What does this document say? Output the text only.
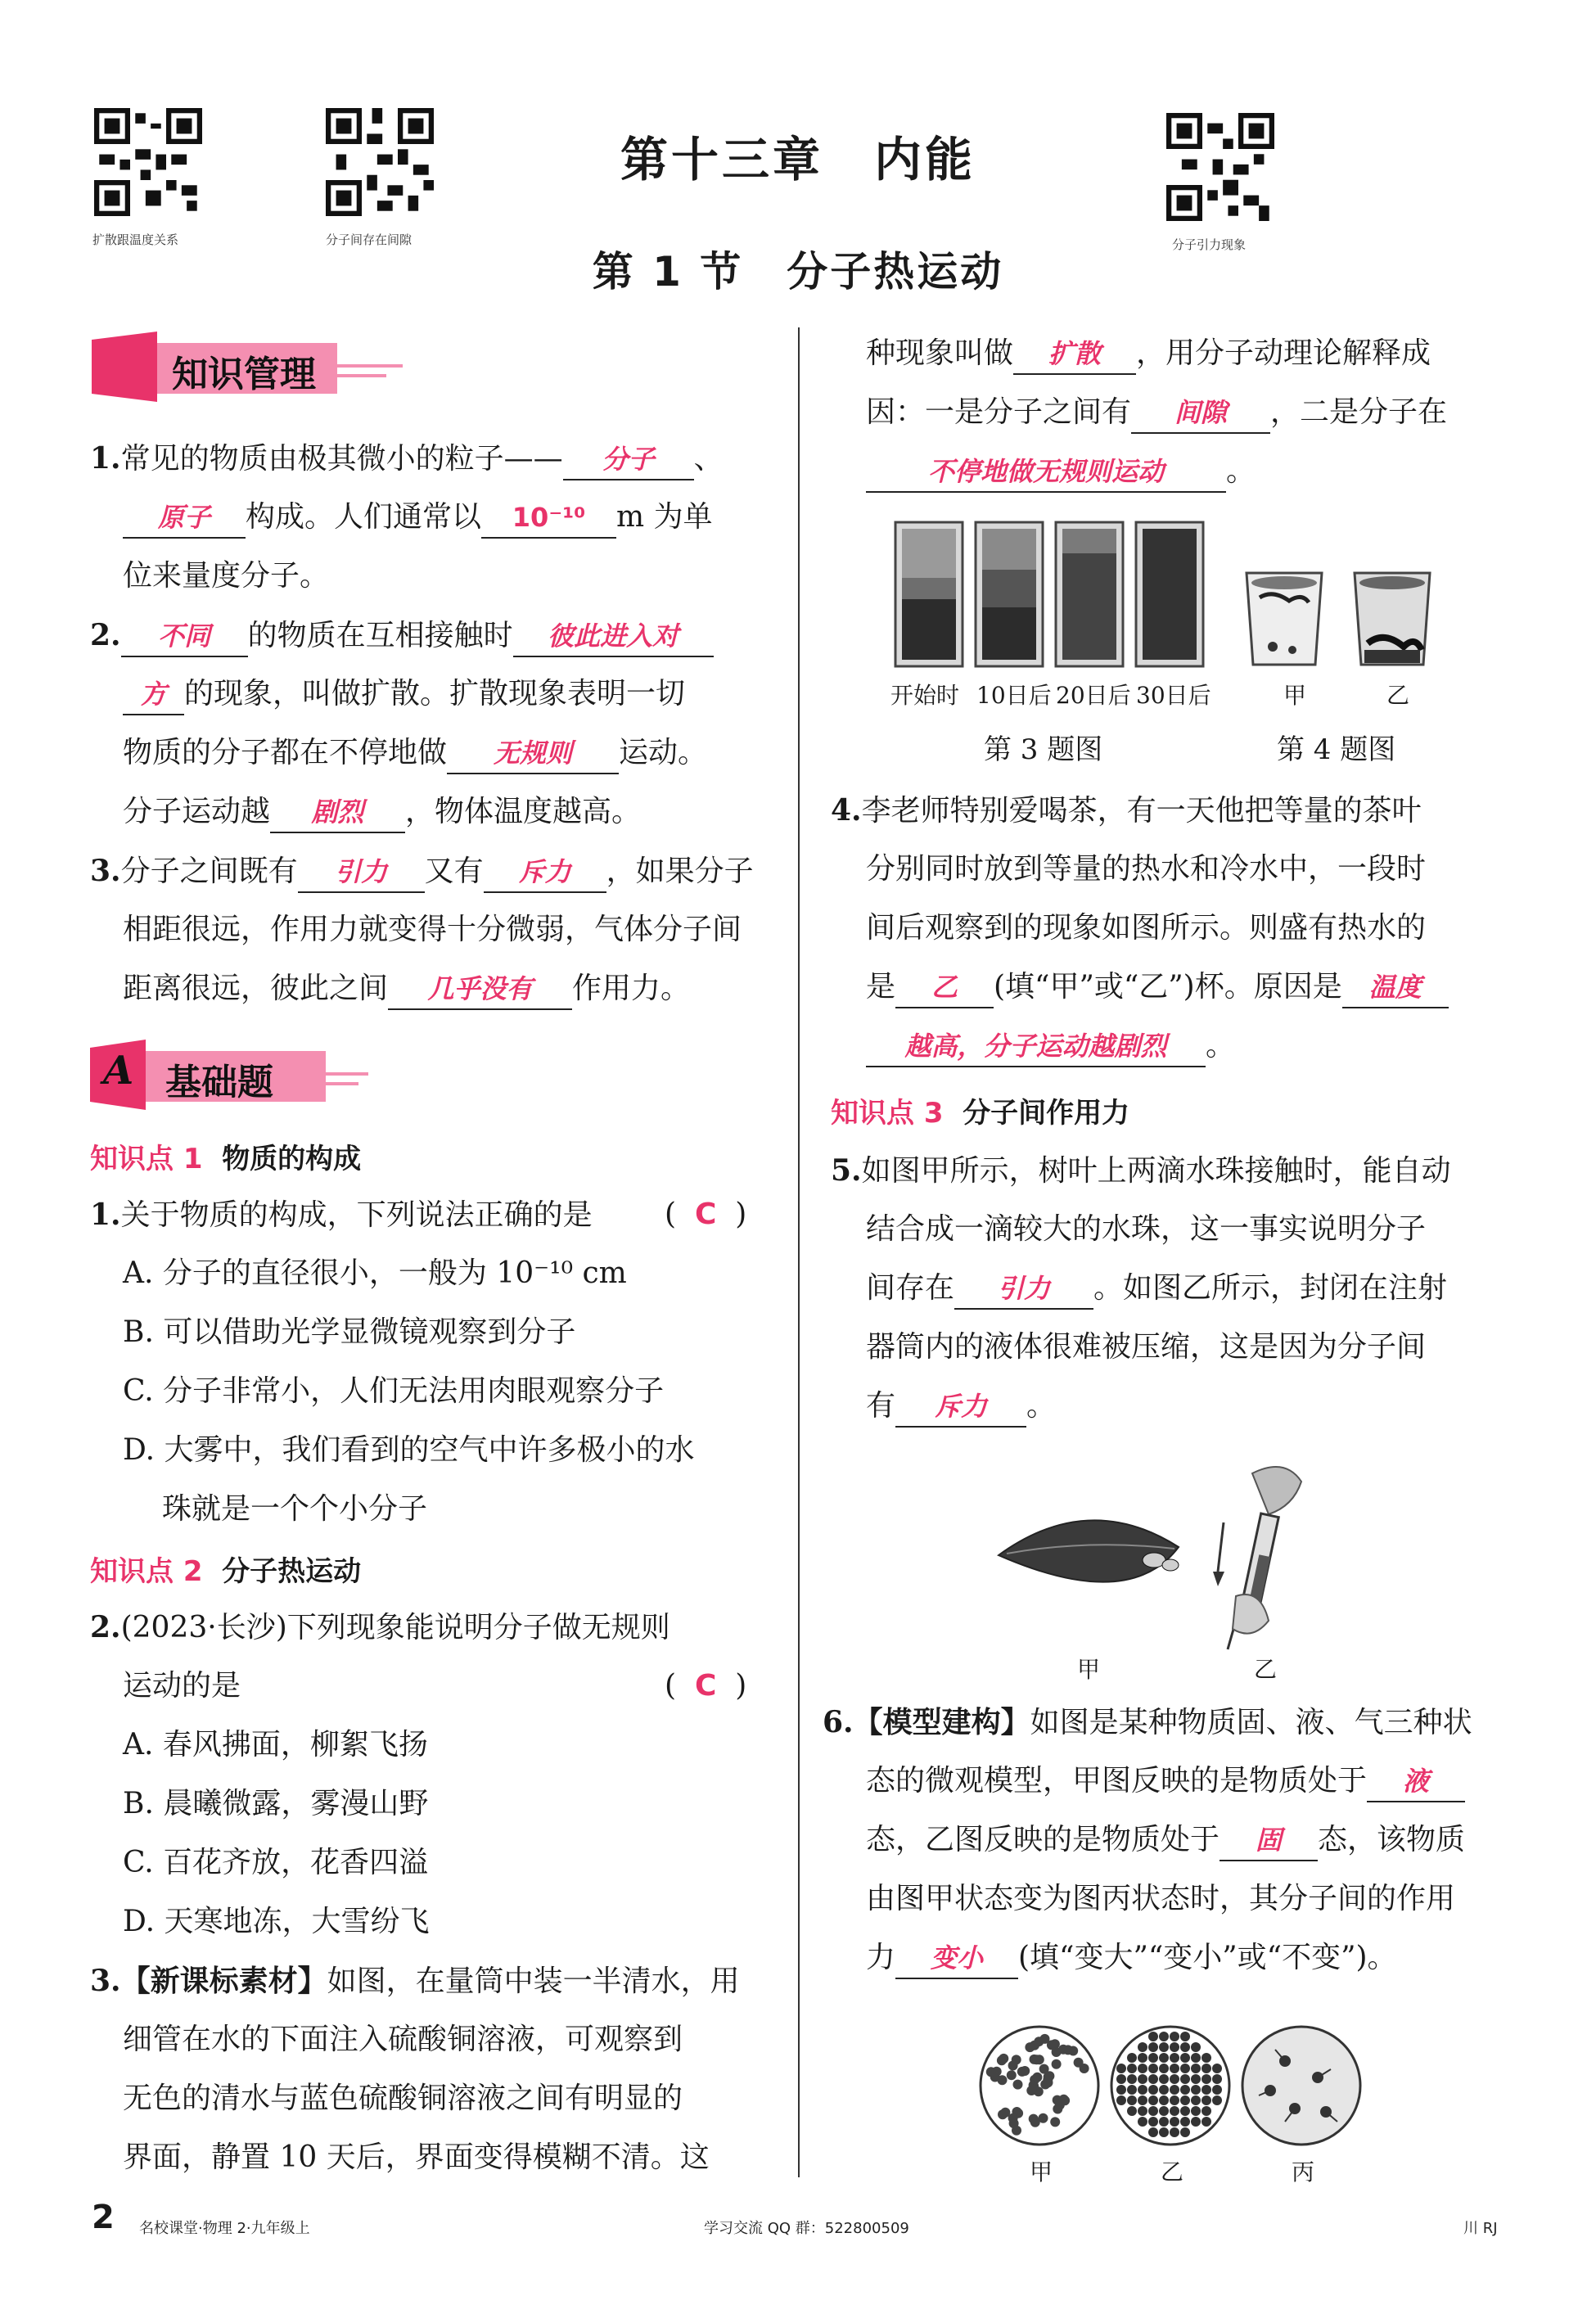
扩散跟温度关系	分子间存在间隙	分子引力现象
第十三章　内能
第 1 节　分子热运动
知识管理
1.常见的物质由极其微小的粒子—— 分子 、
原子 构成。人们通常以 10⁻¹⁰ m 为单
位来量度分子。
2. 不同 的物质在互相接触时 彼此进入对
方 的现象，叫做扩散。扩散现象表明一切
物质的分子都在不停地做 无规则 运动。
分子运动越 剧烈 ，物体温度越高。
3.分子之间既有 引力 又有 斥力 ，如果分子
相距很远，作用力就变得十分微弱，气体分子间
距离很远，彼此之间 几乎没有 作用力。
A 基础题
知识点 1 物质的构成
1.关于物质的构成，下列说法正确的是 (  C  )
A. 分子的直径很小，一般为 10⁻¹⁰ cm
B. 可以借助光学显微镜观察到分子
C. 分子非常小，人们无法用肉眼观察分子
D. 大雾中，我们看到的空气中许多极小的水
珠就是一个个小分子
知识点 2 分子热运动
2.(2023·长沙)下列现象能说明分子做无规则
运动的是	(  C  )
A. 春风拂面，柳絮飞扬
B. 晨曦微露，雾漫山野
C. 百花齐放，花香四溢
D. 天寒地冻，大雪纷飞
3.【新课标素材】如图，在量筒中装一半清水，用
细管在水的下面注入硫酸铜溶液，可观察到
无色的清水与蓝色硫酸铜溶液之间有明显的
界面，静置 10 天后，界面变得模糊不清。这
种现象叫做 扩散 ，用分子动理论解释成
因：一是分子之间有 间隙 ，二是分子在
不停地做无规则运动 。
开始时 10日后 20日后 30日后
第 3 题图
甲	乙
第 4 题图
4.李老师特别爱喝茶，有一天他把等量的茶叶
分别同时放到等量的热水和冷水中，一段时
间后观察到的现象如图所示。则盛有热水的
是 乙 (填“甲”或“乙”)杯。原因是 温度
越高，分子运动越剧烈 。
知识点 3 分子间作用力
5.如图甲所示，树叶上两滴水珠接触时，能自动
结合成一滴较大的水珠，这一事实说明分子
间存在 引力 。如图乙所示，封闭在注射
器筒内的液体很难被压缩，这是因为分子间
有 斥力 。
甲	乙
6.【模型建构】如图是某种物质固、液、气三种状
态的微观模型，甲图反映的是物质处于 液
态，乙图反映的是物质处于 固 态，该物质
由图甲状态变为图丙状态时，其分子间的作用
力 变小 (填“变大”“变小”或“不变”)。
甲	乙	丙
2 名校课堂·物理 2·九年级上	学习交流 QQ 群：522800509	川 RJ
